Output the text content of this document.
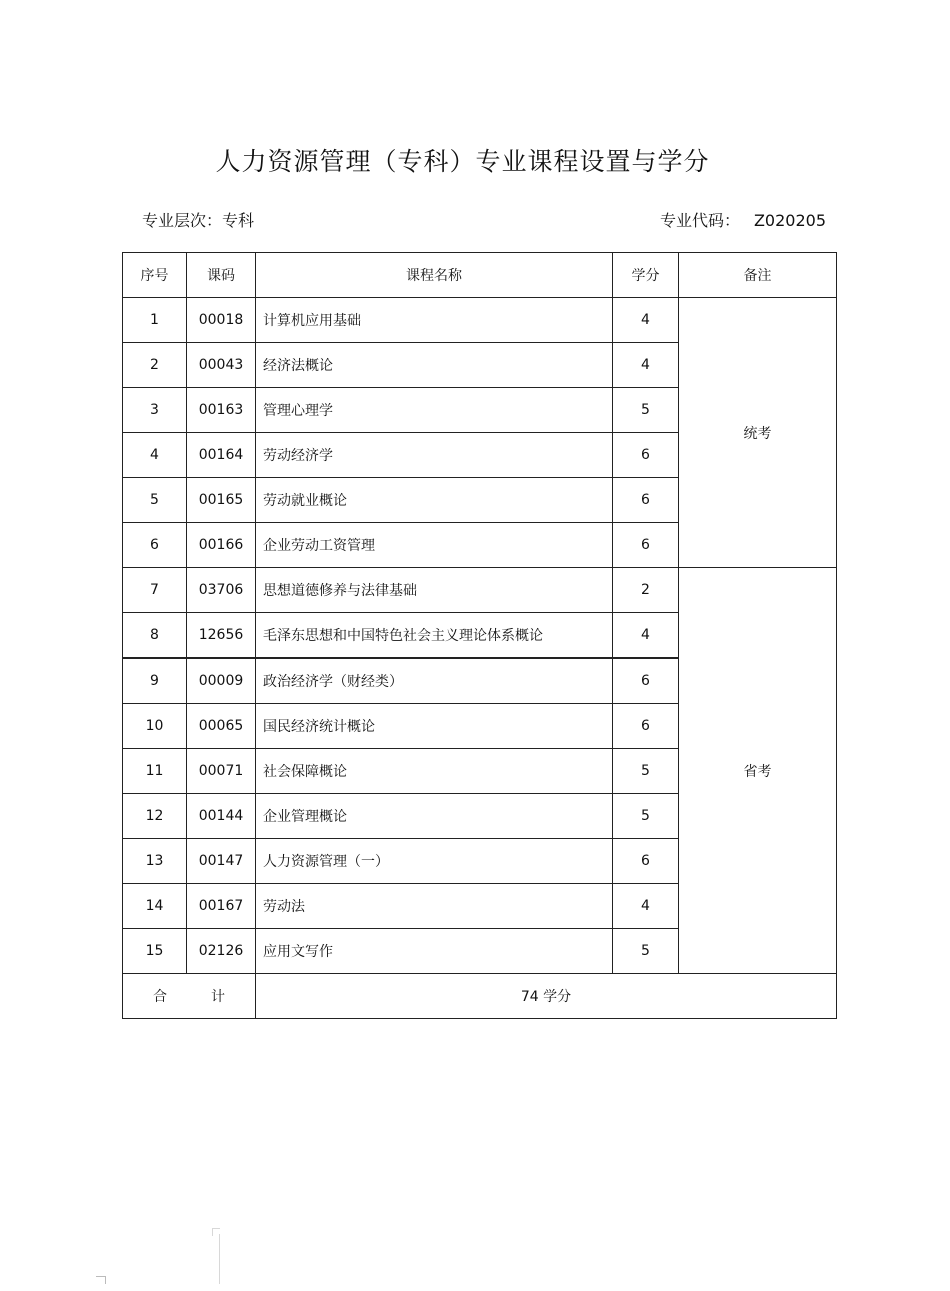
人力资源管理（专科）专业课程设置与学分
专业层次：专科	专业代码： Z020205
序号	课码	课程名称	学分	备注
1	00018	计算机应用基础	4	统考
2	00043	经济法概论	4	
3	00163	管理心理学	5	
4	00164	劳动经济学	6	
5	00165	劳动就业概论	6	
6	00166	企业劳动工资管理	6	
7	03706	思想道德修养与法律基础	2	省考
8	12656	毛泽东思想和中国特色社会主义理论体系概论	4	
9	00009	政治经济学（财经类）	6	
10	00065	国民经济统计概论	6	
11	00071	社会保障概论	5	
12	00144	企业管理概论	5	
13	00147	人力资源管理（一）	6	
14	00167	劳动法	4	
15	02126	应用文写作	5	
合 计		74 学分		
